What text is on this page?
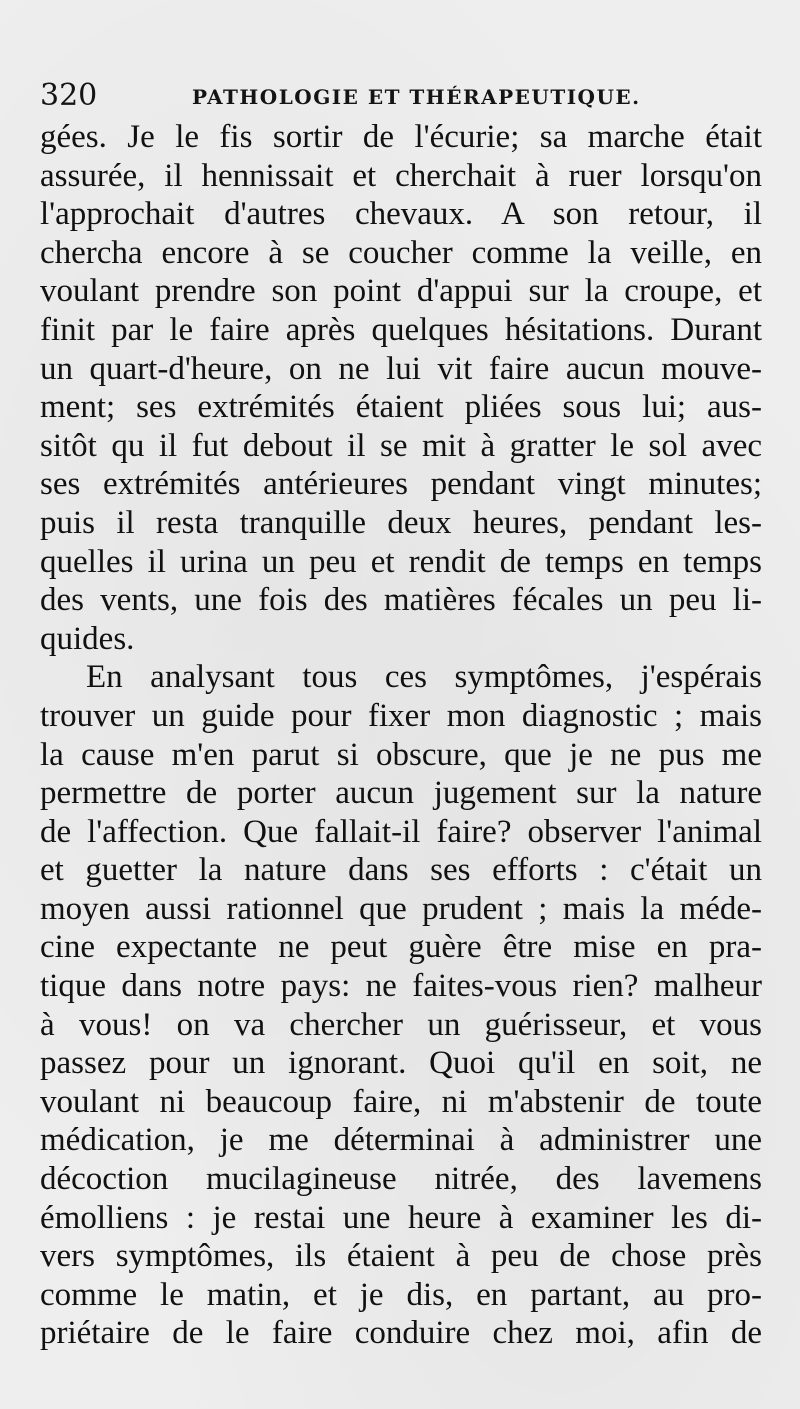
320	PATHOLOGIE ET THÉRAPEUTIQUE.
gées. Je le fis sortir de l'écurie; sa marche était
assurée, il hennissait et cherchait à ruer lorsqu'on
l'approchait d'autres chevaux. A son retour, il
chercha encore à se coucher comme la veille, en
voulant prendre son point d'appui sur la croupe, et
finit par le faire après quelques hésitations. Durant
un quart-d'heure, on ne lui vit faire aucun mouve-
ment; ses extrémités étaient pliées sous lui; aus-
sitôt qu il fut debout il se mit à gratter le sol avec
ses extrémités antérieures pendant vingt minutes;
puis il resta tranquille deux heures, pendant les-
quelles il urina un peu et rendit de temps en temps
des vents, une fois des matières fécales un peu li-
quides.
En analysant tous ces symptômes, j'espérais
trouver un guide pour fixer mon diagnostic ; mais
la cause m'en parut si obscure, que je ne pus me
permettre de porter aucun jugement sur la nature
de l'affection. Que fallait-il faire? observer l'animal
et guetter la nature dans ses efforts : c'était un
moyen aussi rationnel que prudent ; mais la méde-
cine expectante ne peut guère être mise en pra-
tique dans notre pays: ne faites-vous rien? malheur
à vous! on va chercher un guérisseur, et vous
passez pour un ignorant. Quoi qu'il en soit, ne
voulant ni beaucoup faire, ni m'abstenir de toute
médication, je me déterminai à administrer une
décoction mucilagineuse nitrée, des lavemens
émolliens : je restai une heure à examiner les di-
vers symptômes, ils étaient à peu de chose près
comme le matin, et je dis, en partant, au pro-
priétaire de le faire conduire chez moi, afin de
